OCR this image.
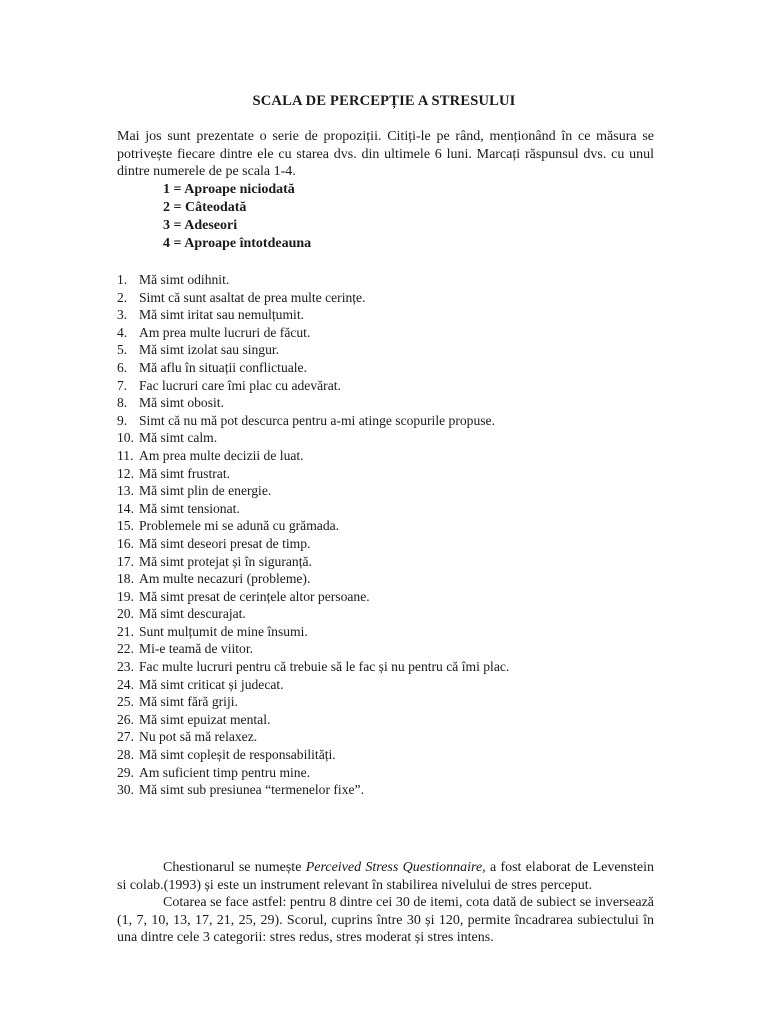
SCALA DE PERCEPȚIE A STRESULUI
Mai jos sunt prezentate o serie de propoziții. Citiți-le pe rând, menționând în ce măsura se potrivește fiecare dintre ele cu starea dvs. din ultimele 6 luni. Marcați răspunsul dvs. cu unul dintre numerele de pe scala 1-4.
1 = Aproape niciodată
2 = Câteodată
3 = Adeseori
4 = Aproape întotdeauna
1. Mă simt odihnit.
2. Simt că sunt asaltat de prea multe cerințe.
3. Mă simt iritat sau nemulțumit.
4. Am prea multe lucruri de făcut.
5. Mă simt izolat sau singur.
6. Mă aflu în situații conflictuale.
7. Fac lucruri care îmi plac cu adevărat.
8. Mă simt obosit.
9. Simt că nu mă pot descurca pentru a-mi atinge scopurile propuse.
10. Mă simt calm.
11. Am prea multe decizii de luat.
12. Mă simt frustrat.
13. Mă simt plin de energie.
14. Mă simt tensionat.
15. Problemele mi se adună cu grămada.
16. Mă simt deseori presat de timp.
17. Mă simt protejat și în siguranță.
18. Am multe necazuri (probleme).
19. Mă simt presat de cerințele altor persoane.
20. Mă simt descurajat.
21. Sunt mulțumit de mine însumi.
22. Mi-e teamă de viitor.
23. Fac multe lucruri pentru că trebuie să le fac și nu pentru că îmi plac.
24. Mă simt criticat și judecat.
25. Mă simt fără griji.
26. Mă simt epuizat mental.
27. Nu pot să mă relaxez.
28. Mă simt copleșit de responsabilități.
29. Am suficient timp pentru mine.
30. Mă simt sub presiunea “termenelor fixe”.

Chestionarul se numește Perceived Stress Questionnaire, a fost elaborat de Levenstein si colab.(1993) și este un instrument relevant în stabilirea nivelului de stres perceput.

Cotarea se face astfel: pentru 8 dintre cei 30 de itemi, cota dată de subiect se inversează (1, 7, 10, 13, 17, 21, 25, 29). Scorul, cuprins între 30 și 120, permite încadrarea subiectului în una dintre cele 3 categorii: stres redus, stres moderat și stres intens.
